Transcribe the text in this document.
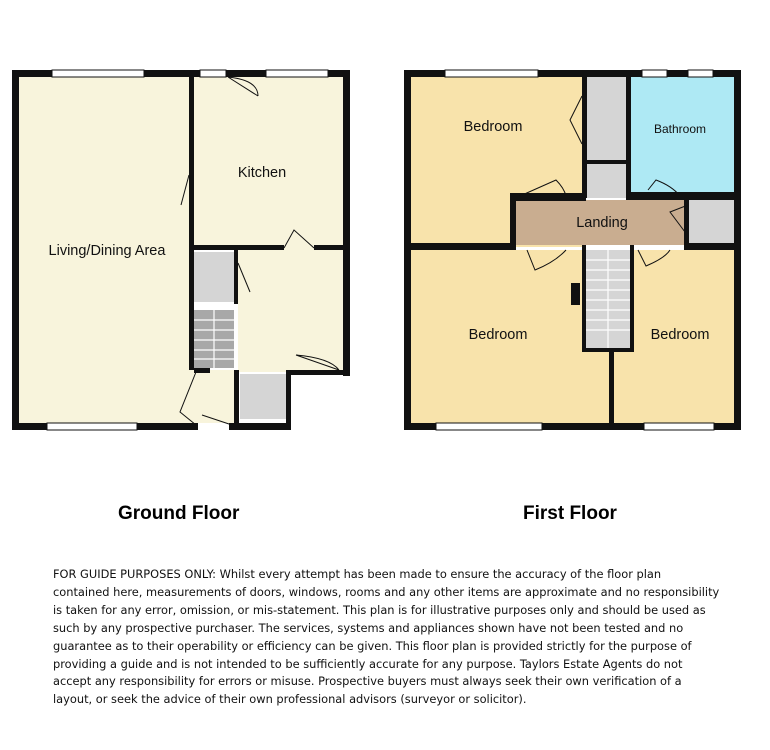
Living/Dining Area
Kitchen
Bedroom	Bathroom
Landing
Bedroom	Bedroom
Ground Floor	First Floor

FOR GUIDE PURPOSES ONLY: Whilst every attempt has been made to ensure the accuracy of the floor plan contained here, measurements of doors, windows, rooms and any other items are approximate and no responsibility is taken for any error, omission, or mis-statement. This plan is for illustrative purposes only and should be used as such by any prospective purchaser. The services, systems and appliances shown have not been tested and no guarantee as to their operability or efficiency can be given. This floor plan is provided strictly for the purpose of providing a guide and is not intended to be sufficiently accurate for any purpose. Taylors Estate Agents do not accept any responsibility for errors or misuse. Prospective buyers must always seek their own verification of a layout, or seek the advice of their own professional advisors (surveyor or solicitor).
